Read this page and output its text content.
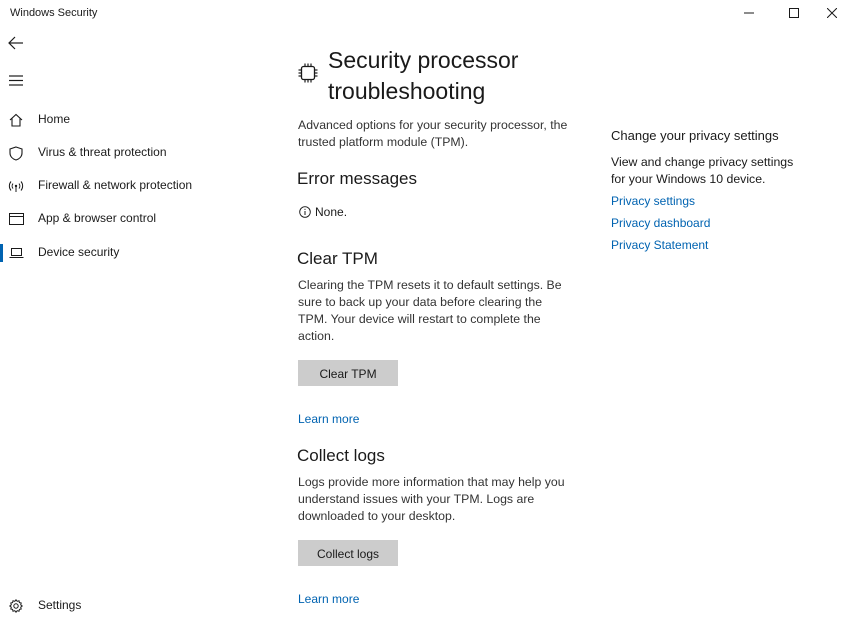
Windows Security
Home
Virus & threat protection
Firewall & network protection
App & browser control
Device security
Settings
Security processor
troubleshooting
Advanced options for your security processor, the trusted platform module (TPM).
Error messages
None.
Clear TPM
Clearing the TPM resets it to default settings. Be sure to back up your data before clearing the TPM. Your device will restart to complete the action.
Clear TPM
Learn more
Collect logs
Logs provide more information that may help you understand issues with your TPM. Logs are downloaded to your desktop.
Collect logs
Learn more
Change your privacy settings
View and change privacy settings for your Windows 10 device.
Privacy settings
Privacy dashboard
Privacy Statement
